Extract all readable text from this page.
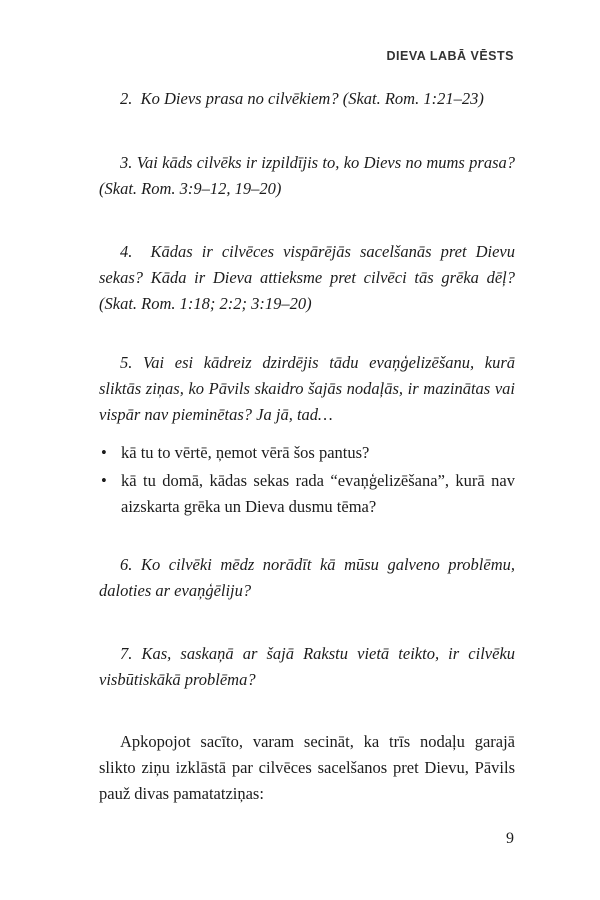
DIEVA LABĀ VĒSTS

2. Ko Dievs prasa no cilvēkiem? (Skat. Rom. 1:21–23)

3. Vai kāds cilvēks ir izpildījis to, ko Dievs no mums prasa? (Skat. Rom. 3:9–12, 19–20)

4. Kādas ir cilvēces vispārējās sacelšanās pret Dievu sekas? Kāda ir Dieva attieksme pret cilvēci tās grēka dēļ? (Skat. Rom. 1:18; 2:2; 3:19–20)

5. Vai esi kādreiz dzirdējis tādu evaņģelizēšanu, kurā sliktās ziņas, ko Pāvils skaidro šajās nodaļās, ir mazinātas vai vispār nav pieminētas? Ja jā, tad…

• kā tu to vērtē, ņemot vērā šos pantus?
• kā tu domā, kādas sekas rada “evaņģelizēšana”, kurā nav aizskarta grēka un Dieva dusmu tēma?

6. Ko cilvēki mēdz norādīt kā mūsu galveno problēmu, daloties ar evaņģēliju?

7. Kas, saskaņā ar šajā Rakstu vietā teikto, ir cilvēku visbūtiskākā problēma?

Apkopojot sacīto, varam secināt, ka trīs nodaļu garajā slikto ziņu izklāstā par cilvēces sacelšanos pret Dievu, Pāvils pauž divas pamatatziņas:

9
